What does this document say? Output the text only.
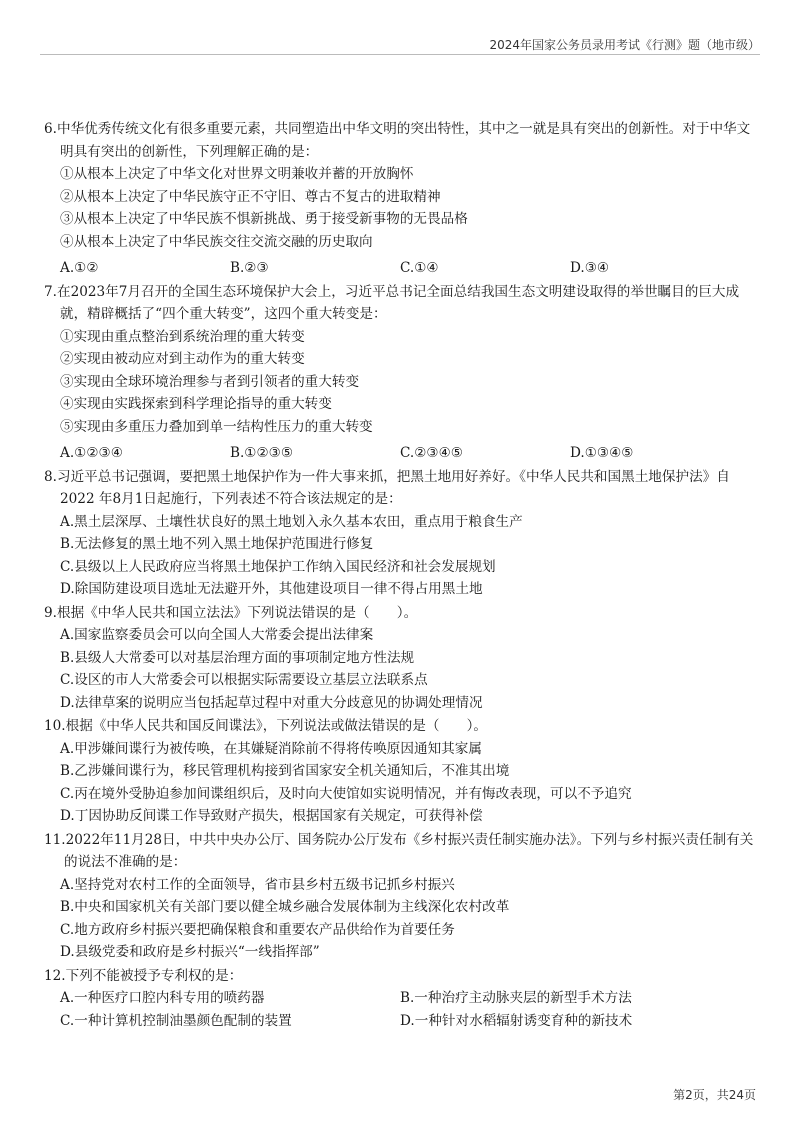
2024年国家公务员录用考试《行测》题（地市级）
6.中华优秀传统文化有很多重要元素，共同塑造出中华文明的突出特性，其中之一就是具有突出的创新性。对于中华文明具有突出的创新性，下列理解正确的是：
①从根本上决定了中华文化对世界文明兼收并蓄的开放胸怀
②从根本上决定了中华民族守正不守旧、尊古不复古的进取精神
③从根本上决定了中华民族不惧新挑战、勇于接受新事物的无畏品格
④从根本上决定了中华民族交往交流交融的历史取向
A.①②	B.②③	C.①④	D.③④
7.在2023年7月召开的全国生态环境保护大会上，习近平总书记全面总结我国生态文明建设取得的举世瞩目的巨大成就，精辟概括了“四个重大转变”，这四个重大转变是：
①实现由重点整治到系统治理的重大转变
②实现由被动应对到主动作为的重大转变
③实现由全球环境治理参与者到引领者的重大转变
④实现由实践探索到科学理论指导的重大转变
⑤实现由多重压力叠加到单一结构性压力的重大转变
A.①②③④	B.①②③⑤	C.②③④⑤	D.①③④⑤
8.习近平总书记强调，要把黑土地保护作为一件大事来抓，把黑土地用好养好。《中华人民共和国黑土地保护法》自 2022 年8月1日起施行，下列表述不符合该法规定的是：
A.黑土层深厚、土壤性状良好的黑土地划入永久基本农田，重点用于粮食生产
B.无法修复的黑土地不列入黑土地保护范围进行修复
C.县级以上人民政府应当将黑土地保护工作纳入国民经济和社会发展规划
D.除国防建设项目选址无法避开外，其他建设项目一律不得占用黑土地
9.根据《中华人民共和国立法法》下列说法错误的是（　　）。
A.国家监察委员会可以向全国人大常委会提出法律案
B.县级人大常委可以对基层治理方面的事项制定地方性法规
C.设区的市人大常委会可以根据实际需要设立基层立法联系点
D.法律草案的说明应当包括起草过程中对重大分歧意见的协调处理情况
10.根据《中华人民共和国反间谍法》，下列说法或做法错误的是（　　）。
A.甲涉嫌间谍行为被传唤，在其嫌疑消除前不得将传唤原因通知其家属
B.乙涉嫌间谍行为，移民管理机构接到省国家安全机关通知后，不准其出境
C.丙在境外受胁迫参加间谍组织后，及时向大使馆如实说明情况，并有悔改表现，可以不予追究
D.丁因协助反间谍工作导致财产损失，根据国家有关规定，可获得补偿
11.2022年11月28日，中共中央办公厅、国务院办公厅发布《乡村振兴责任制实施办法》。下列与乡村振兴责任制有关的说法不准确的是：
A.坚持党对农村工作的全面领导，省市县乡村五级书记抓乡村振兴
B.中央和国家机关有关部门要以健全城乡融合发展体制为主线深化农村改革
C.地方政府乡村振兴要把确保粮食和重要农产品供给作为首要任务
D.县级党委和政府是乡村振兴“一线指挥部”
12.下列不能被授予专利权的是：
A.一种医疗口腔内科专用的喷药器	B.一种治疗主动脉夹层的新型手术方法
C.一种计算机控制油墨颜色配制的装置	D.一种针对水稻辐射诱变育种的新技术
第2页，共24页
